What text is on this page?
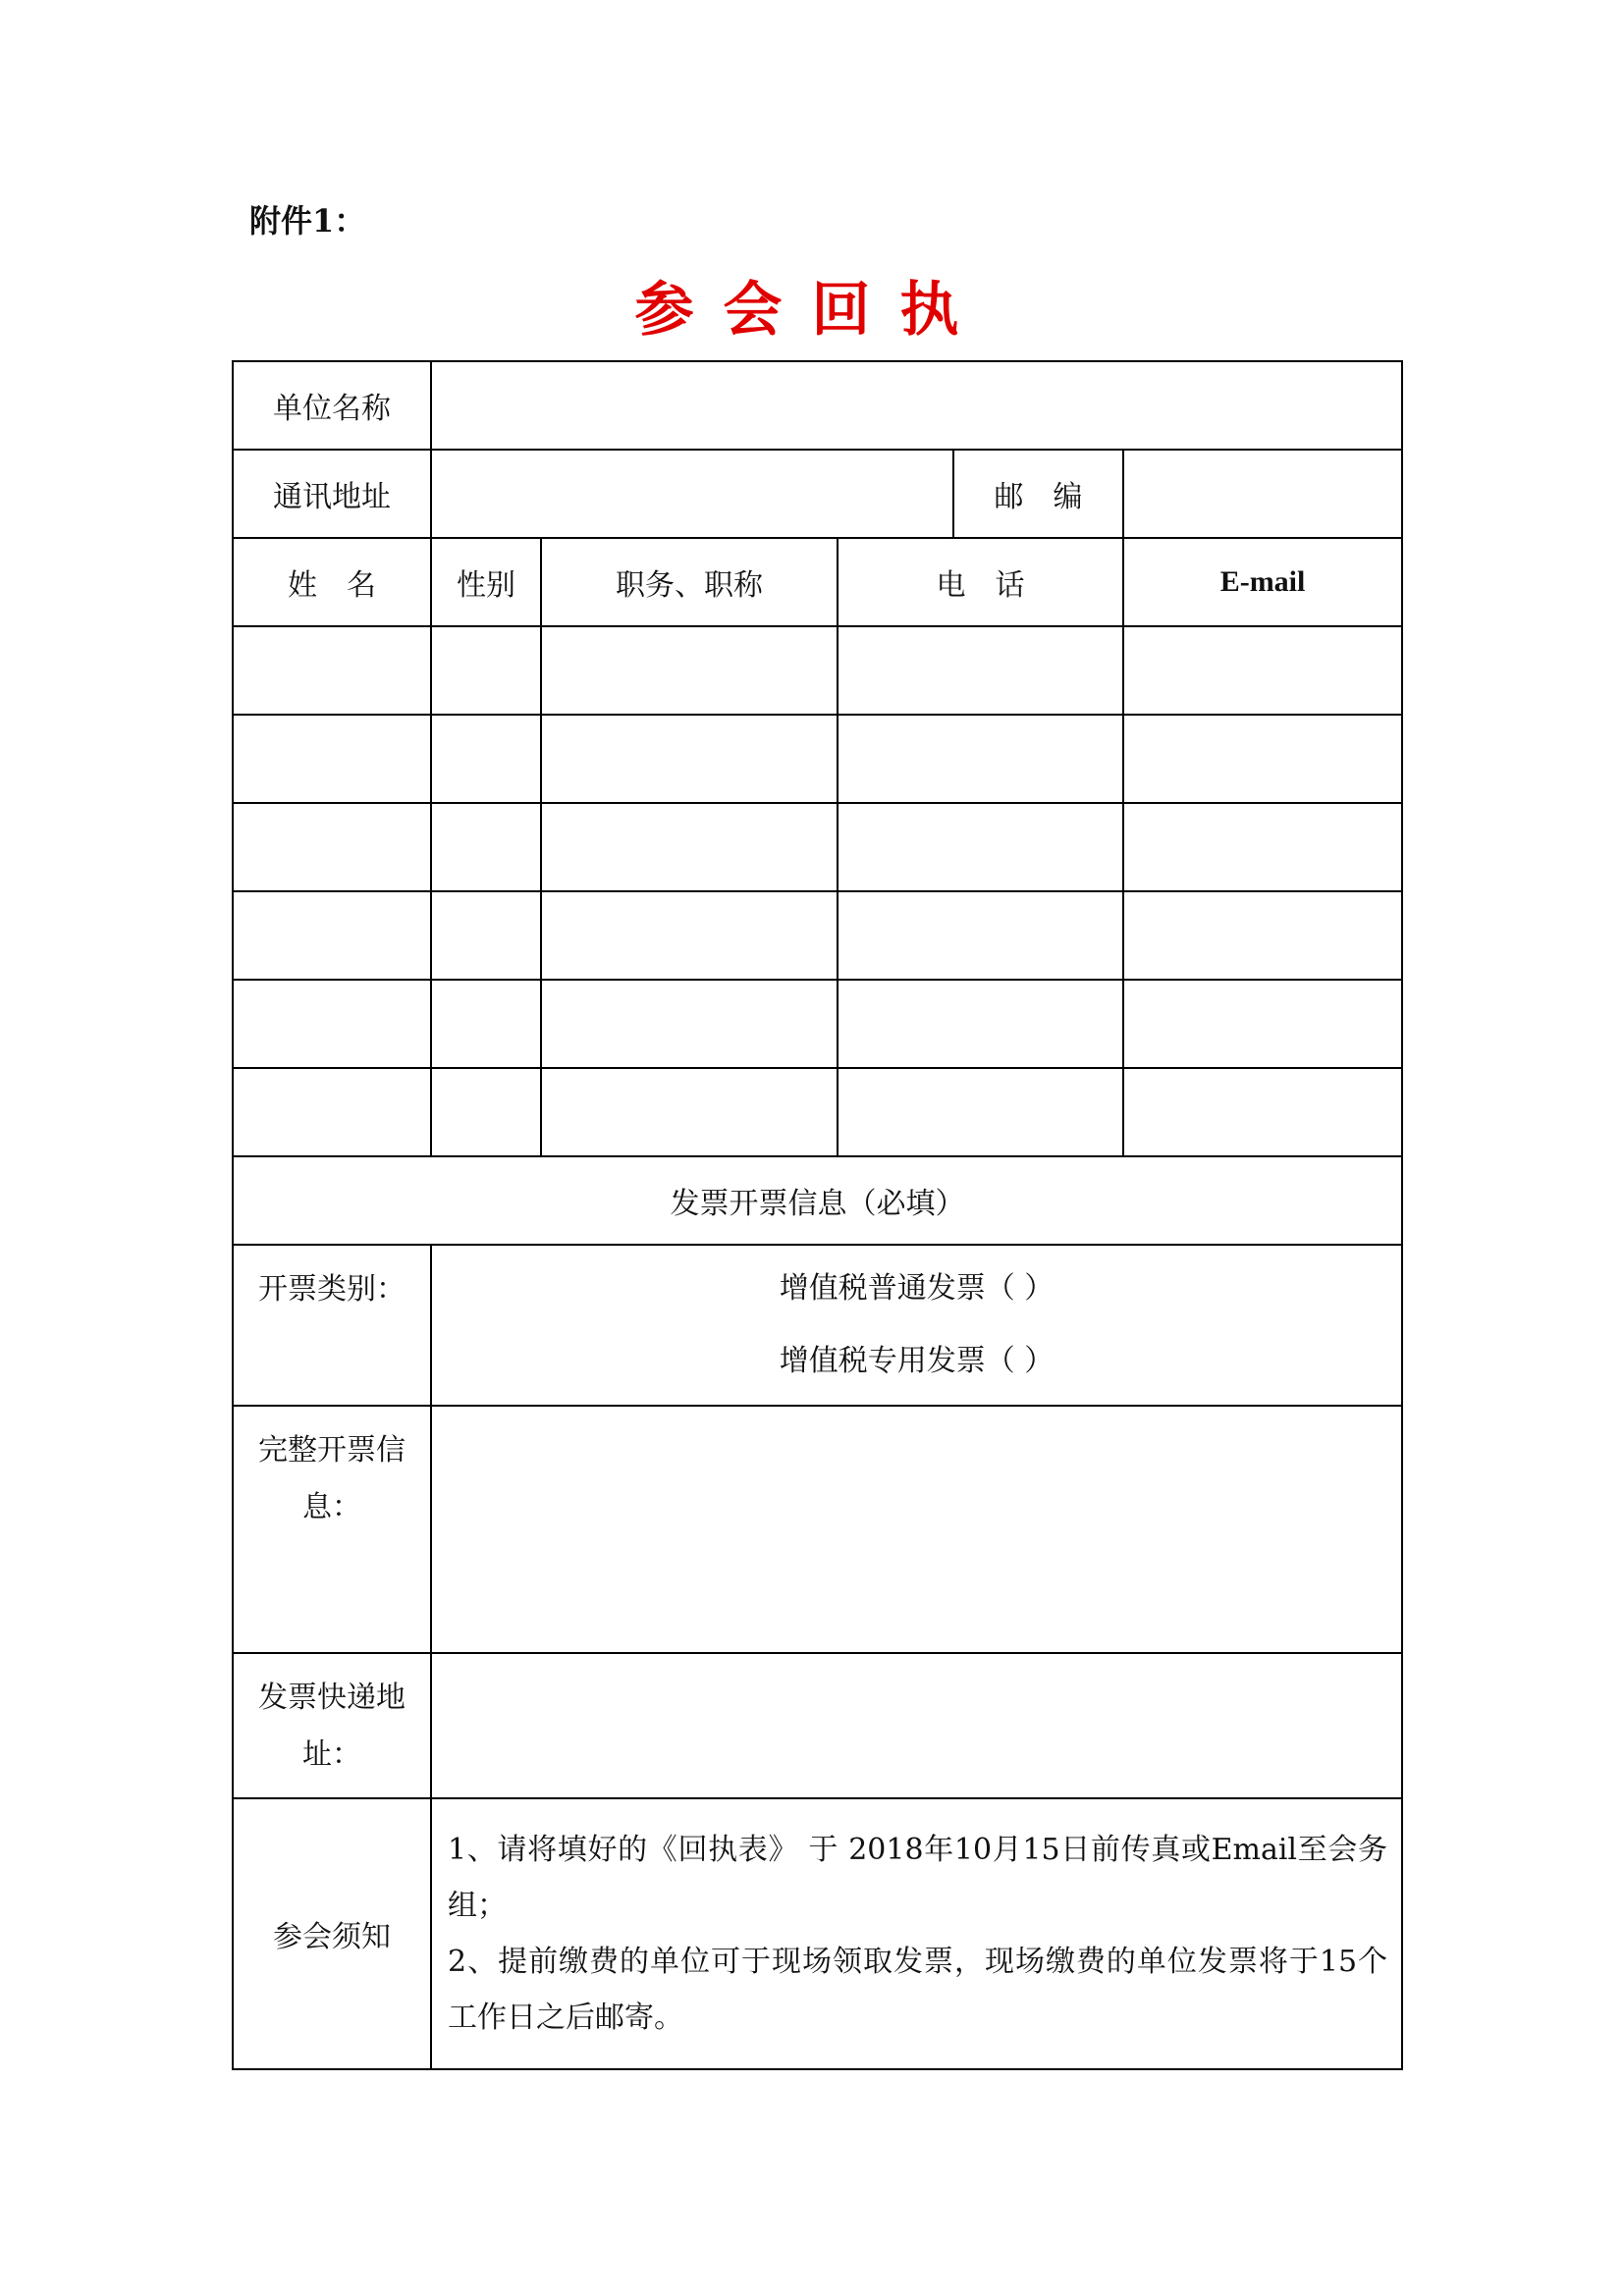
附件1：
参会回执
单位名称					
通讯地址				邮　编	
姓　名	性别	职务、职称	电　话		E-mail

发票开票信息（必填）					
开票类别：	增值税普通发票（ ）
增值税专用发票（ ）				

完整开票信息：					
发票快递地址：					
参会须知	1、请将填好的《回执表》 于 2018年10月15日前传真或Email至会务组；

2、提前缴费的单位可于现场领取发票，现场缴费的单位发票将于15个工作日之后邮寄。				
